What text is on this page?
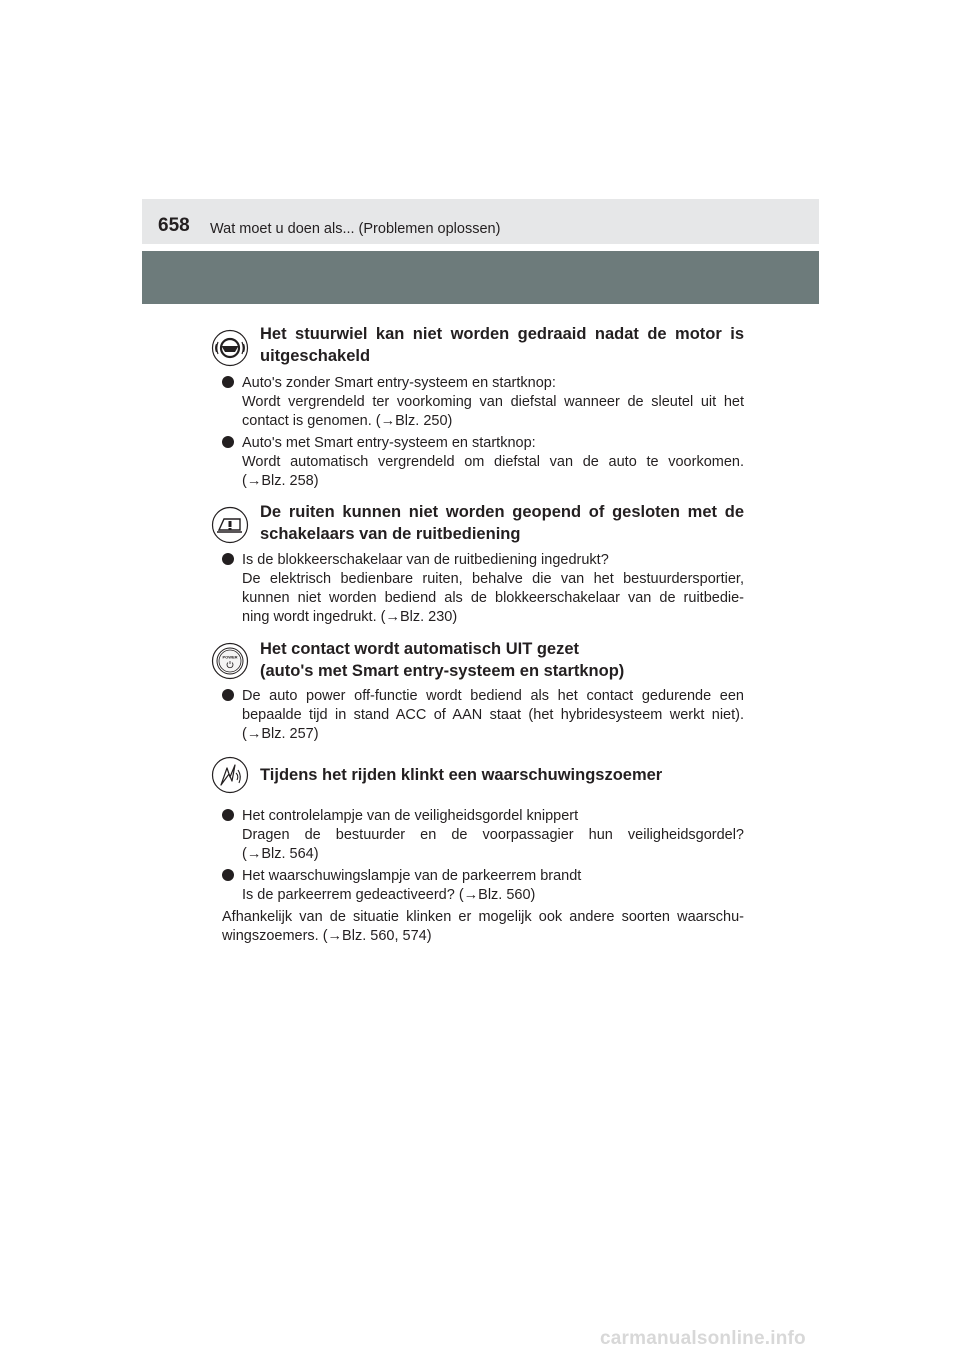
658 Wat moet u doen als... (Problemen oplossen)
Het stuurwiel kan niet worden gedraaid nadat de motor is
uitgeschakeld
Auto's zonder Smart entry-systeem en startknop:
Wordt vergrendeld ter voorkoming van diefstal wanneer de sleutel uit het
contact is genomen. (→Blz. 250)
Auto's met Smart entry-systeem en startknop:
Wordt automatisch vergrendeld om diefstal van de auto te voorkomen.
(→Blz. 258)
De ruiten kunnen niet worden geopend of gesloten met de
schakelaars van de ruitbediening
Is de blokkeerschakelaar van de ruitbediening ingedrukt?
De elektrisch bedienbare ruiten, behalve die van het bestuurdersportier,
kunnen niet worden bediend als de blokkeerschakelaar van de ruitbedie-
ning wordt ingedrukt. (→Blz. 230)
POWER Het contact wordt automatisch UIT gezet
(auto's met Smart entry-systeem en startknop)
De auto power off-functie wordt bediend als het contact gedurende een
bepaalde tijd in stand ACC of AAN staat (het hybridesysteem werkt niet).
(→Blz. 257)
Tijdens het rijden klinkt een waarschuwingszoemer
Het controlelampje van de veiligheidsgordel knippert
Dragen de bestuurder en de voorpassagier hun veiligheidsgordel?
(→Blz. 564)
Het waarschuwingslampje van de parkeerrem brandt
Is de parkeerrem gedeactiveerd? (→Blz. 560)
Afhankelijk van de situatie klinken er mogelijk ook andere soorten waarschu-
wingszoemers. (→Blz. 560, 574)
carmanualsonline.info
